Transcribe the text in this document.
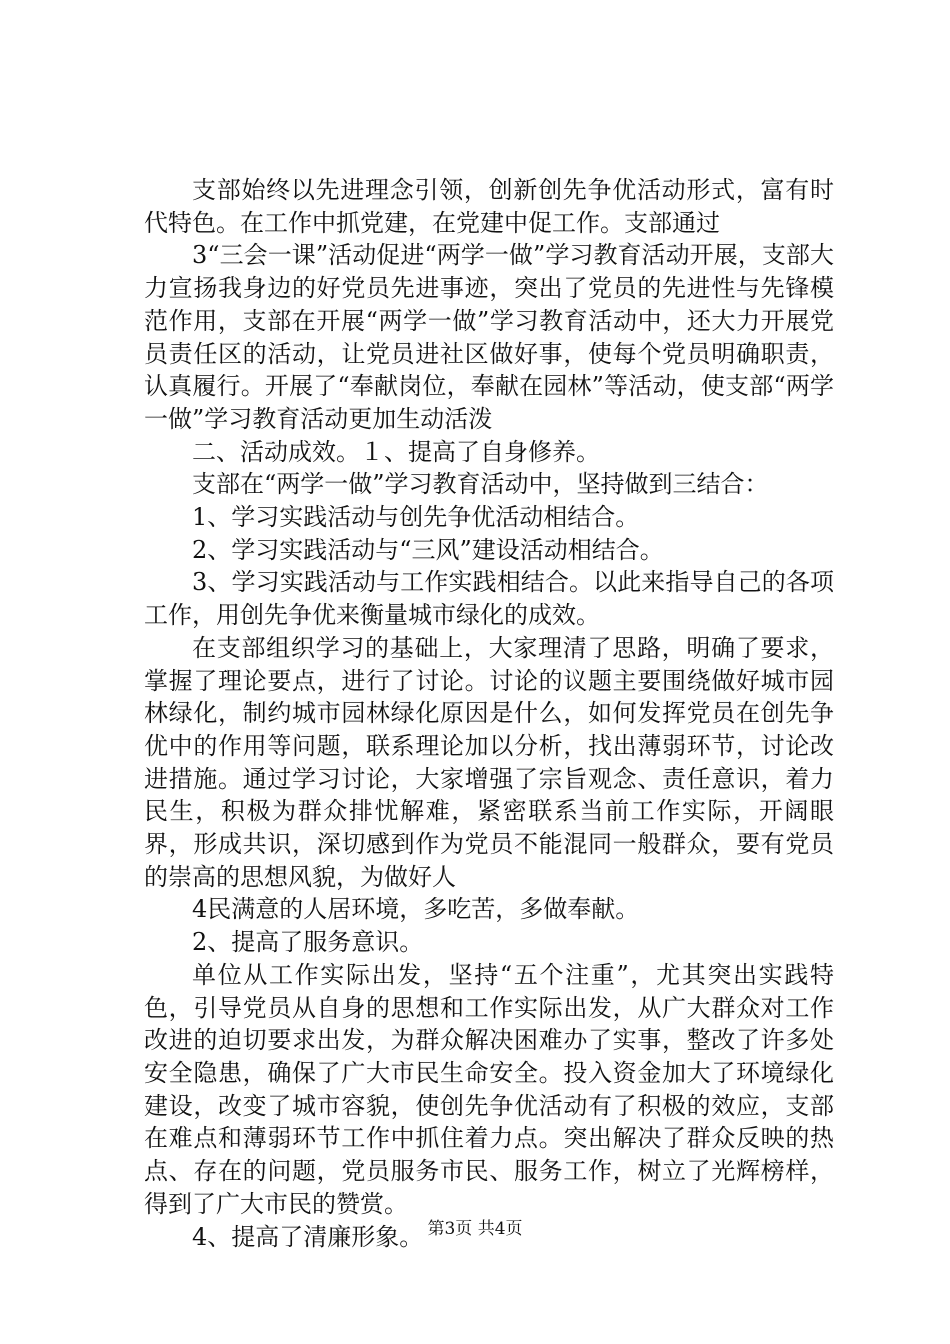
支部始终以先进理念引领，创新创先争优活动形式，富有时代特色。在工作中抓党建，在党建中促工作。支部通过

3“三会一课”活动促进“两学一做”学习教育活动开展，支部大力宣扬我身边的好党员先进事迹，突出了党员的先进性与先锋模范作用，支部在开展“两学一做”学习教育活动中，还大力开展党员责任区的活动，让党员进社区做好事，使每个党员明确职责，认真履行。开展了“奉献岗位，奉献在园林”等活动，使支部“两学一做”学习教育活动更加生动活泼

二、活动成效。１、提高了自身修养。

支部在“两学一做”学习教育活动中，坚持做到三结合：

1、学习实践活动与创先争优活动相结合。

2、学习实践活动与“三风”建设活动相结合。

3、学习实践活动与工作实践相结合。以此来指导自己的各项工作，用创先争优来衡量城市绿化的成效。

在支部组织学习的基础上，大家理清了思路，明确了要求，掌握了理论要点，进行了讨论。讨论的议题主要围绕做好城市园林绿化，制约城市园林绿化原因是什么，如何发挥党员在创先争优中的作用等问题，联系理论加以分析，找出薄弱环节，讨论改进措施。通过学习讨论，大家增强了宗旨观念、责任意识，着力民生，积极为群众排忧解难，紧密联系当前工作实际，开阔眼界，形成共识，深切感到作为党员不能混同一般群众，要有党员的崇高的思想风貌，为做好人

4民满意的人居环境，多吃苦，多做奉献。

2、提高了服务意识。

单位从工作实际出发，坚持“五个注重”，尤其突出实践特色，引导党员从自身的思想和工作实际出发，从广大群众对工作改进的迫切要求出发，为群众解决困难办了实事，整改了许多处安全隐患，确保了广大市民生命安全。投入资金加大了环境绿化建设，改变了城市容貌，使创先争优活动有了积极的效应，支部在难点和薄弱环节工作中抓住着力点。突出解决了群众反映的热点、存在的问题，党员服务市民、服务工作，树立了光辉榜样，得到了广大市民的赞赏。

4、提高了清廉形象。 第3页 共4页
